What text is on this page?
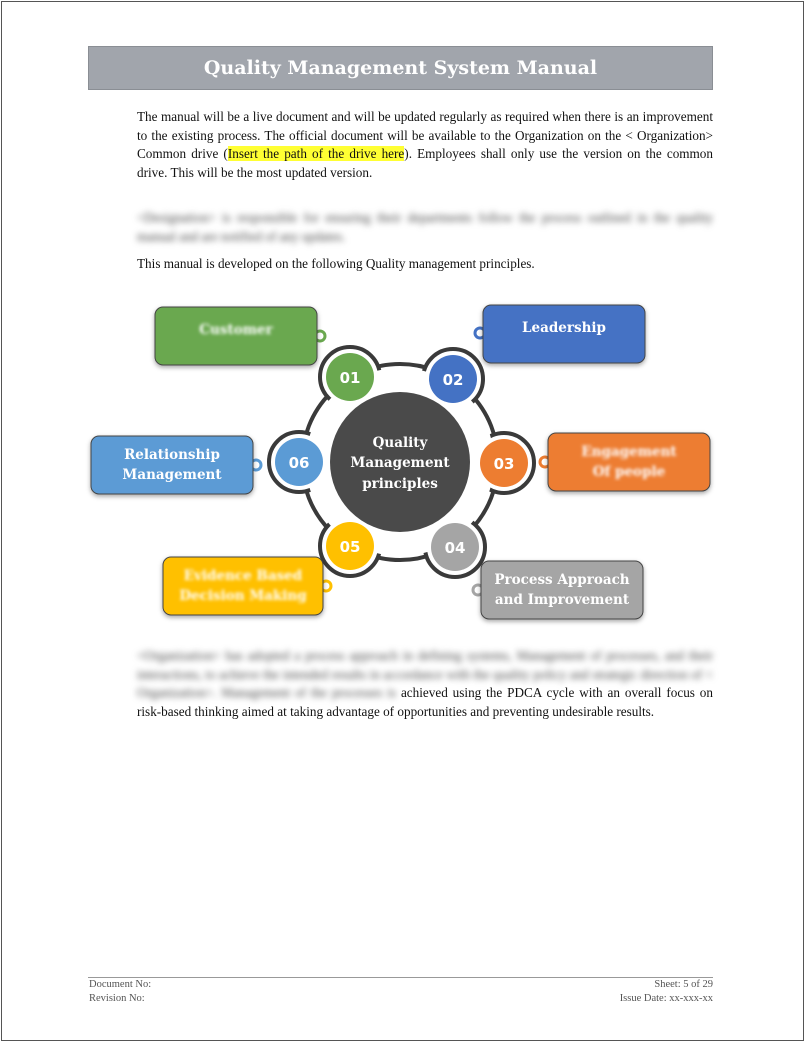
Quality Management System Manual
The manual will be a live document and will be updated regularly as required when there is an improvement to the existing process. The official document will be available to the Organization on the < Organization> Common drive (Insert the path of the drive here). Employees shall only use the version on the common drive. This will be the most updated version.
<Designation> is responsible for ensuring their departments follow the process outlined in the quality manual and are notified of any updates.
This manual is developed on the following Quality management principles.
Customer	Leadership
Engagement
Of people
Process Approach
and Improvement
Evidence Based
Decision Making
Relationship
Management
01	02
03
04
05
06
Quality
Management
principles
<Organization> has adopted a process approach in defining systems, Management of processes, and their interactions, to achieve the intended results in accordance with the quality policy and strategic direction of < Organization>. Management of the processes is achieved using the PDCA cycle with an overall focus on risk-based thinking aimed at taking advantage of opportunities and preventing undesirable results.
Document No:
Revision No:
Sheet: 5 of 29
Issue Date: xx-xxx-xx
